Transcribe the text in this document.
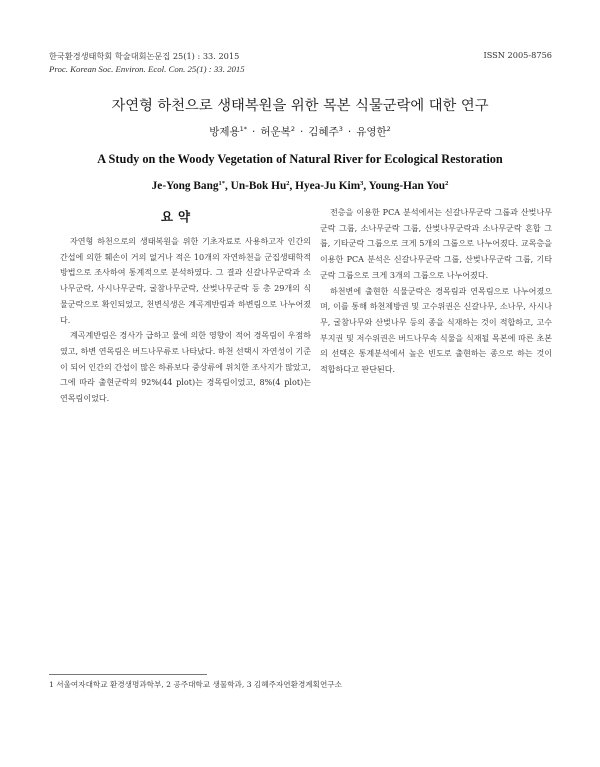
한국환경생태학회 학술대회논문집 25(1) : 33. 2015
Proc. Korean Soc. Environ. Ecol. Con. 25(1) : 33. 2015
ISSN 2005-8756
자연형 하천으로 생태복원을 위한 목본 식물군락에 대한 연구
방제용$^{1*}$ · 허운복$^2$ · 김혜주$^3$ · 유영한$^2$
A Study on the Woody Vegetation of Natural River for Ecological Restoration
Je-Yong Bang$^{1*}$, Un-Bok Hu$^2$, Hyea-Ju Kim$^3$, Young-Han You$^2$
요약

자연형 하천으로의 생태복원을 위한 기초자료로 사용하고자 인간의 간섭에 의한 훼손이 거의 없거나 적은 10개의 자연하천을 군집생태학적 방법으로 조사하여 통계적으로 분석하였다. 그 결과 신갈나무군락과 소나무군락, 사시나무군락, 굴참나무군락, 산벚나무군락 등 총 29개의 식물군락으로 확인되었고, 천변식생은 계곡계반림과 하변림으로 나누어졌다.

계곡계반림은 경사가 급하고 물에 의한 영향이 적어 경목림이 우점하였고, 하변 연목림은 버드나무류로 나타났다. 하천 선택시 자연성이 기준이 되어 인간의 간섭이 많은 하류보다 중상류에 위치한 조사지가 많았고, 그에 따라 출현군락의 92%(44 plot)는 경목림이었고, 8%(4 plot)는 연목림이었다.

전층을 이용한 PCA 분석에서는 신갈나무군락 그룹과 산벚나무군락 그룹, 소나무군락 그룹, 산벚나무군락과 소나무군락 혼합 그룹, 기타군락 그룹으로 크게 5개의 그룹으로 나누어졌다. 교목층을 이용한 PCA 분석은 신갈나무군락 그룹, 산벚나무군락 그룹, 기타군락 그룹으로 크게 3개의 그룹으로 나누어졌다.

하천변에 출현한 식물군락은 경목림과 연목림으로 나누어졌으며, 이를 통해 하천제방권 및 고수위권은 신갈나무, 소나무, 사시나무, 굴참나무와 산벚나무 등의 종을 식재하는 것이 적합하고, 고수부지권 및 저수위권은 버드나무속 식물을 식재될 목본에 따른 초본의 선택은 통계분석에서 높은 빈도로 출현하는 종으로 하는 것이 적합하다고 판단된다.

1 서울여자대학교 환경생명과학부, 2 공주대학교 생물학과, 3 김혜주자연환경계획연구소
